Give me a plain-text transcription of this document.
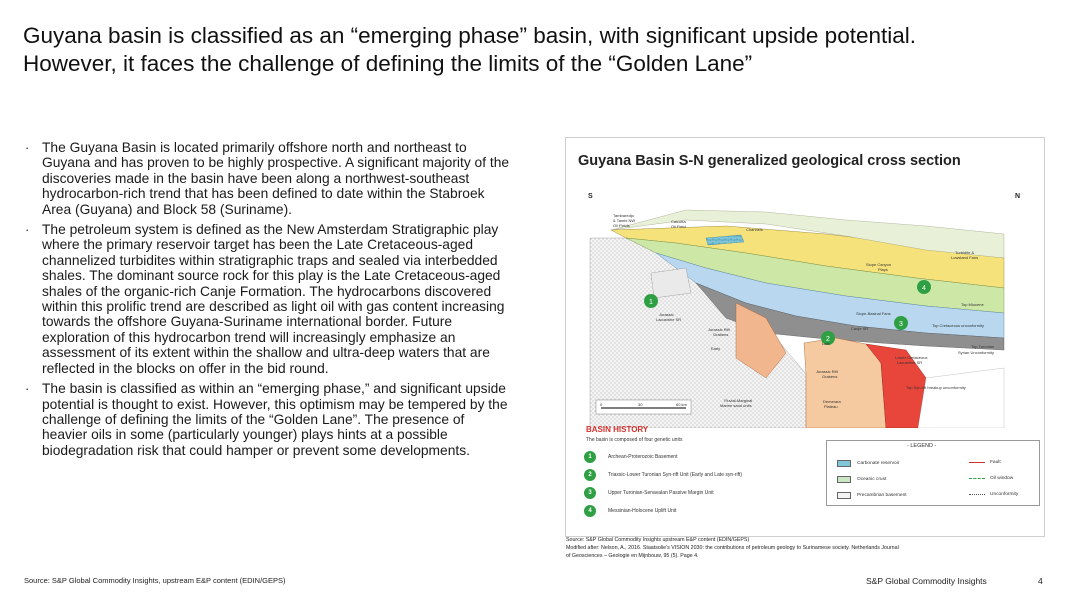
Guyana basin is classified as an “emerging phase” basin, with significant upside potential.
However, it faces the challenge of defining the limits of the “Golden Lane”
· The Guyana Basin is located primarily offshore north and northeast to Guyana and has proven to be highly prospective. A significant majority of the discoveries made in the basin have been along a northwest-southeast hydrocarbon-rich trend that has been defined to date within the Stabroek Area (Guyana) and Block 58 (Suriname).
· The petroleum system is defined as the New Amsterdam Stratigraphic play where the primary reservoir target has been the Late Cretaceous-aged channelized turbidites within stratigraphic traps and sealed via interbedded shales. The dominant source rock for this play is the Late Cretaceous-aged shales of the organic-rich Canje Formation. The hydrocarbons discovered within this prolific trend are described as light oil with gas content increasing towards the offshore Guyana-Suriname international border. Future exploration of this hydrocarbon trend will increasingly emphasize an assessment of its extent within the shallow and ultra-deep waters that are reflected in the blocks on offer in the bid round.
· The basin is classified as within an “emerging phase,” and significant upside potential is thought to exist. However, this optimism may be tempered by the challenge of defining the limits of the “Golden Lane”. The presence of heavier oils in some (particularly younger) plays hints at a possible biodegradation risk that could hamper or prevent some developments.
Guyana Basin S-N generalized geological cross section
S	N
0	30	60 km
1
2
3
4
Tambaredjo
& Tambi NW
Oil Fields
Calcutta
Oil Field
Channels
Turbidite &
Lowstand Fans
Slope Canyon
Plays
Slope-Basinal Fans
Canje SR
Top Miocene
Top Cretaceous unconformity
Top Turonian
Syrian Unconformity
Jurassic
Lacustrine SR
Jurassic Rift
Grabens
Jurassic Rift
Grabens
Late
Early
Lower Cretaceous
Lacustrine SR
Demerara
Plateau
Top Syn-rift breakup unconformity
Fluvial-Marginal
Marine sand units
BASIN HISTORY
The basin is composed of four genetic units
1	Archean-Proterozoic Basement
2	Triassic-Lower Turonian Syn-rift Unit (Early and Late syn-rift)
3	Upper Turonian-Senavalan Passive Margin Unit
4	Messinian-Holocene Uplift Unit
- LEGEND -
Carbonate reservoir
Oceanic crust
Precambrian basement
Fault
Oil window
Unconformity
Source: S&P Global Commodity Insights upstream E&P content (EDIN/GEPS)
Modified after: Nelson, A., 2016. Staatsolie's VISION 2030: the contributions of petroleum geology to Surinamese society. Netherlands Journal
of Geosciences – Geologie en Mijnbouw, 95 (5). Page 4.
Source: S&P Global Commodity Insights, upstream E&P content (EDIN/GEPS)	S&P Global Commodity Insights	4
